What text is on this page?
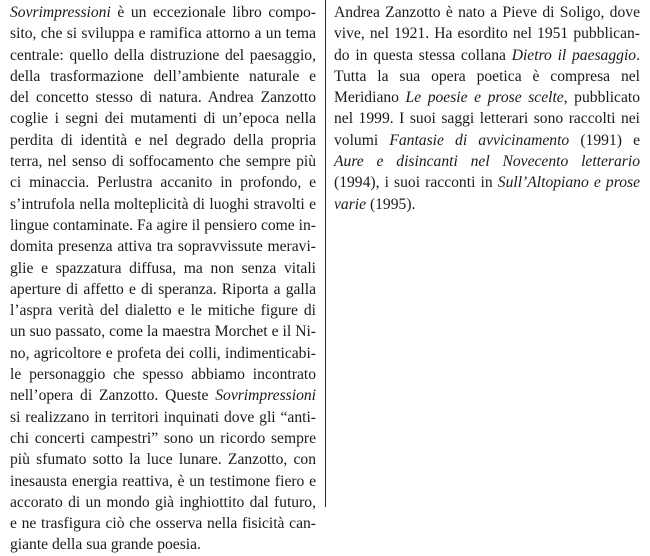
Sovrimpressioni è un eccezionale libro compo-
sito, che si sviluppa e ramifica attorno a un tema
centrale: quello della distruzione del paesaggio,
della trasformazione dell’ambiente naturale e
del concetto stesso di natura. Andrea Zanzotto
coglie i segni dei mutamenti di un’epoca nella
perdita di identità e nel degrado della propria
terra, nel senso di soffocamento che sempre più
ci minaccia. Perlustra accanito in profondo, e
s’intrufola nella molteplicità di luoghi stravolti e
lingue contaminate. Fa agire il pensiero come in-
domita presenza attiva tra sopravvissute meravi-
glie e spazzatura diffusa, ma non senza vitali
aperture di affetto e di speranza. Riporta a galla
l’aspra verità del dialetto e le mitiche figure di
un suo passato, come la maestra Morchet e il Ni-
no, agricoltore e profeta dei colli, indimenticabi-
le personaggio che spesso abbiamo incontrato
nell’opera di Zanzotto. Queste Sovrimpressioni
si realizzano in territori inquinati dove gli “anti-
chi concerti campestri” sono un ricordo sempre
più sfumato sotto la luce lunare. Zanzotto, con
inesausta energia reattiva, è un testimone fiero e
accorato di un mondo già inghiottito dal futuro,
e ne trasfigura ciò che osserva nella fisicità can-
giante della sua grande poesia.
Andrea Zanzotto è nato a Pieve di Soligo, dove
vive, nel 1921. Ha esordito nel 1951 pubblican-
do in questa stessa collana Dietro il paesaggio.
Tutta la sua opera poetica è compresa nel
Meridiano Le poesie e prose scelte, pubblicato
nel 1999. I suoi saggi letterari sono raccolti nei
volumi Fantasie di avvicinamento (1991) e
Aure e disincanti nel Novecento letterario
(1994), i suoi racconti in Sull’Altopiano e prose
varie (1995).
